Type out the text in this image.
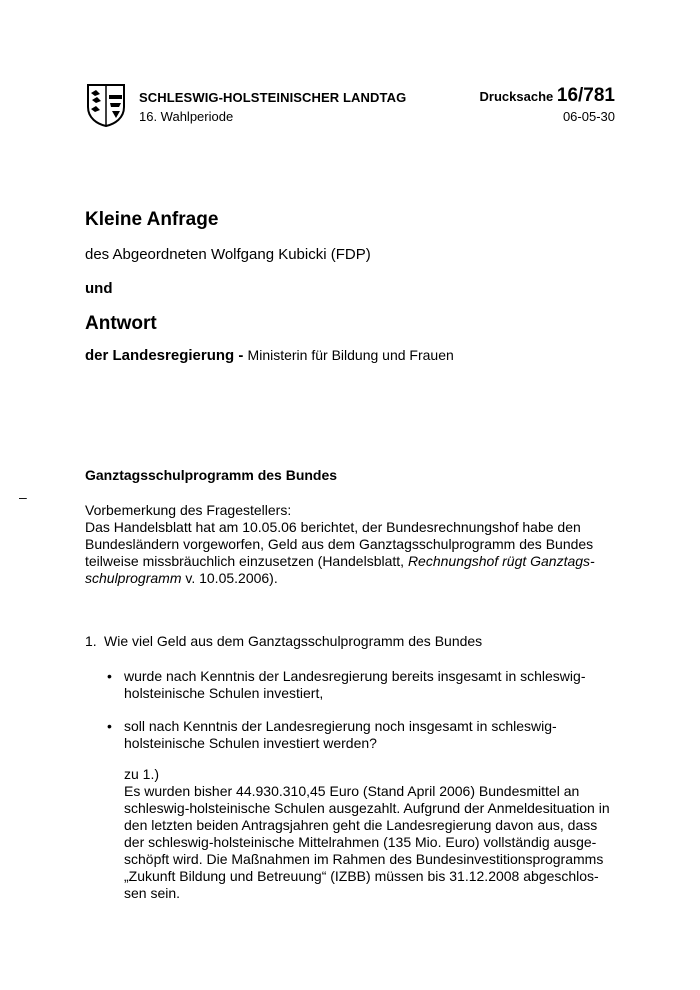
SCHLESWIG-HOLSTEINISCHER LANDTAG
16. Wahlperiode
Drucksache 16/781
06-05-30
Kleine Anfrage
des Abgeordneten Wolfgang Kubicki (FDP)
und
Antwort
der Landesregierung - Ministerin für Bildung und Frauen
Ganztagsschulprogramm des Bundes
–
Vorbemerkung des Fragestellers:
Das Handelsblatt hat am 10.05.06 berichtet, der Bundesrechnungshof habe den
Bundesländern vorgeworfen, Geld aus dem Ganztagsschulprogramm des Bundes
teilweise missbräuchlich einzusetzen (Handelsblatt, Rechnungshof rügt Ganztags-
schulprogramm v. 10.05.2006).
1. Wie viel Geld aus dem Ganztagsschulprogramm des Bundes
• wurde nach Kenntnis der Landesregierung bereits insgesamt in schleswig-
holsteinische Schulen investiert,
• soll nach Kenntnis der Landesregierung noch insgesamt in schleswig-
holsteinische Schulen investiert werden?
zu 1.)
Es wurden bisher 44.930.310,45 Euro (Stand April 2006) Bundesmittel an
schleswig-holsteinische Schulen ausgezahlt. Aufgrund der Anmeldesituation in
den letzten beiden Antragsjahren geht die Landesregierung davon aus, dass
der schleswig-holsteinische Mittelrahmen (135 Mio. Euro) vollständig ausge-
schöpft wird. Die Maßnahmen im Rahmen des Bundesinvestitionsprogramms
„Zukunft Bildung und Betreuung“ (IZBB) müssen bis 31.12.2008 abgeschlos-
sen sein.
